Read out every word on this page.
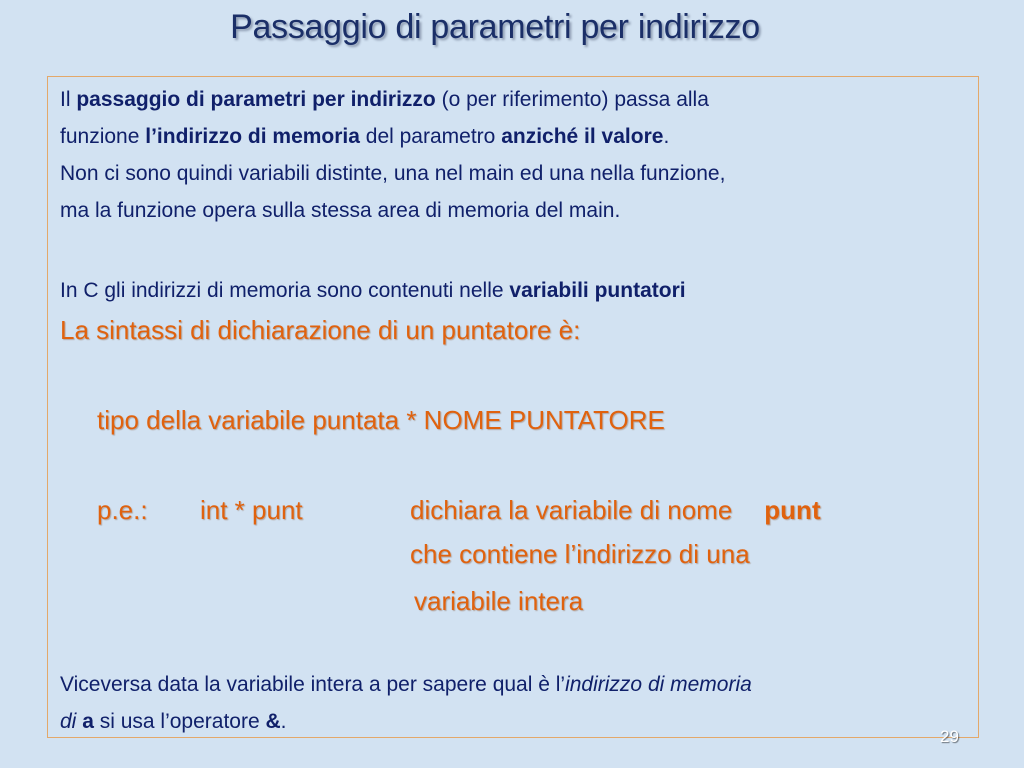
Passaggio di parametri per indirizzo
Il passaggio di parametri per indirizzo (o per riferimento) passa alla
funzione l’indirizzo di memoria del parametro anziché il valore.
Non ci sono quindi variabili distinte, una nel main ed una nella funzione,
ma la funzione opera sulla stessa area di memoria del main.
In C gli indirizzi di memoria sono contenuti nelle variabili puntatori
La sintassi di dichiarazione di un puntatore è:
tipo della variabile puntata * NOME PUNTATORE
p.e.: int * punt	dichiara la variabile di nome punt
che contiene l’indirizzo di una
variabile intera
Viceversa data la variabile intera a per sapere qual è l’indirizzo di memoria
di a si usa l’operatore &.
29
